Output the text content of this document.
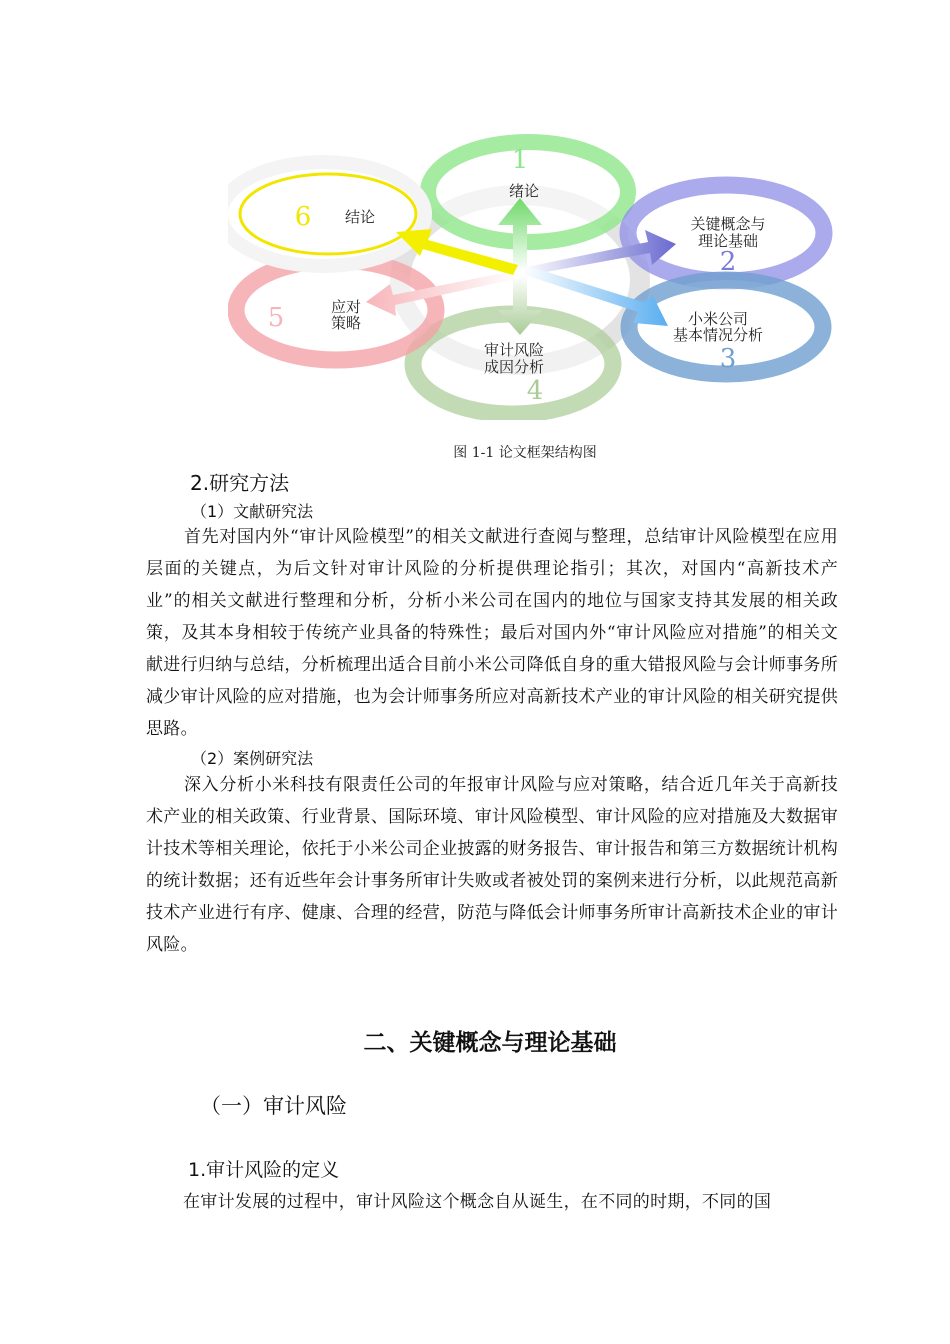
1
2
3
4
5
6
绪论
关键概念与
理论基础
小米公司
基本情况分析
审计风险
成因分析
应对
策略
结论
图 1-1 论文框架结构图
2.研究方法
（1）文献研究法
首先对国内外“审计风险模型”的相关文献进行查阅与整理，总结审计风险模型在应用层面的关键点，为后文针对审计风险的分析提供理论指引；其次，对国内“高新技术产业”的相关文献进行整理和分析，分析小米公司在国内的地位与国家支持其发展的相关政策，及其本身相较于传统产业具备的特殊性；最后对国内外“审计风险应对措施”的相关文献进行归纳与总结，分析梳理出适合目前小米公司降低自身的重大错报风险与会计师事务所减少审计风险的应对措施，也为会计师事务所应对高新技术产业的审计风险的相关研究提供思路。
（2）案例研究法
深入分析小米科技有限责任公司的年报审计风险与应对策略，结合近几年关于高新技术产业的相关政策、行业背景、国际环境、审计风险模型、审计风险的应对措施及大数据审计技术等相关理论，依托于小米公司企业披露的财务报告、审计报告和第三方数据统计机构的统计数据；还有近些年会计事务所审计失败或者被处罚的案例来进行分析，以此规范高新技术产业进行有序、健康、合理的经营，防范与降低会计师事务所审计高新技术企业的审计风险。
二、关键概念与理论基础
（一）审计风险
1.审计风险的定义
在审计发展的过程中，审计风险这个概念自从诞生，在不同的时期，不同的国
